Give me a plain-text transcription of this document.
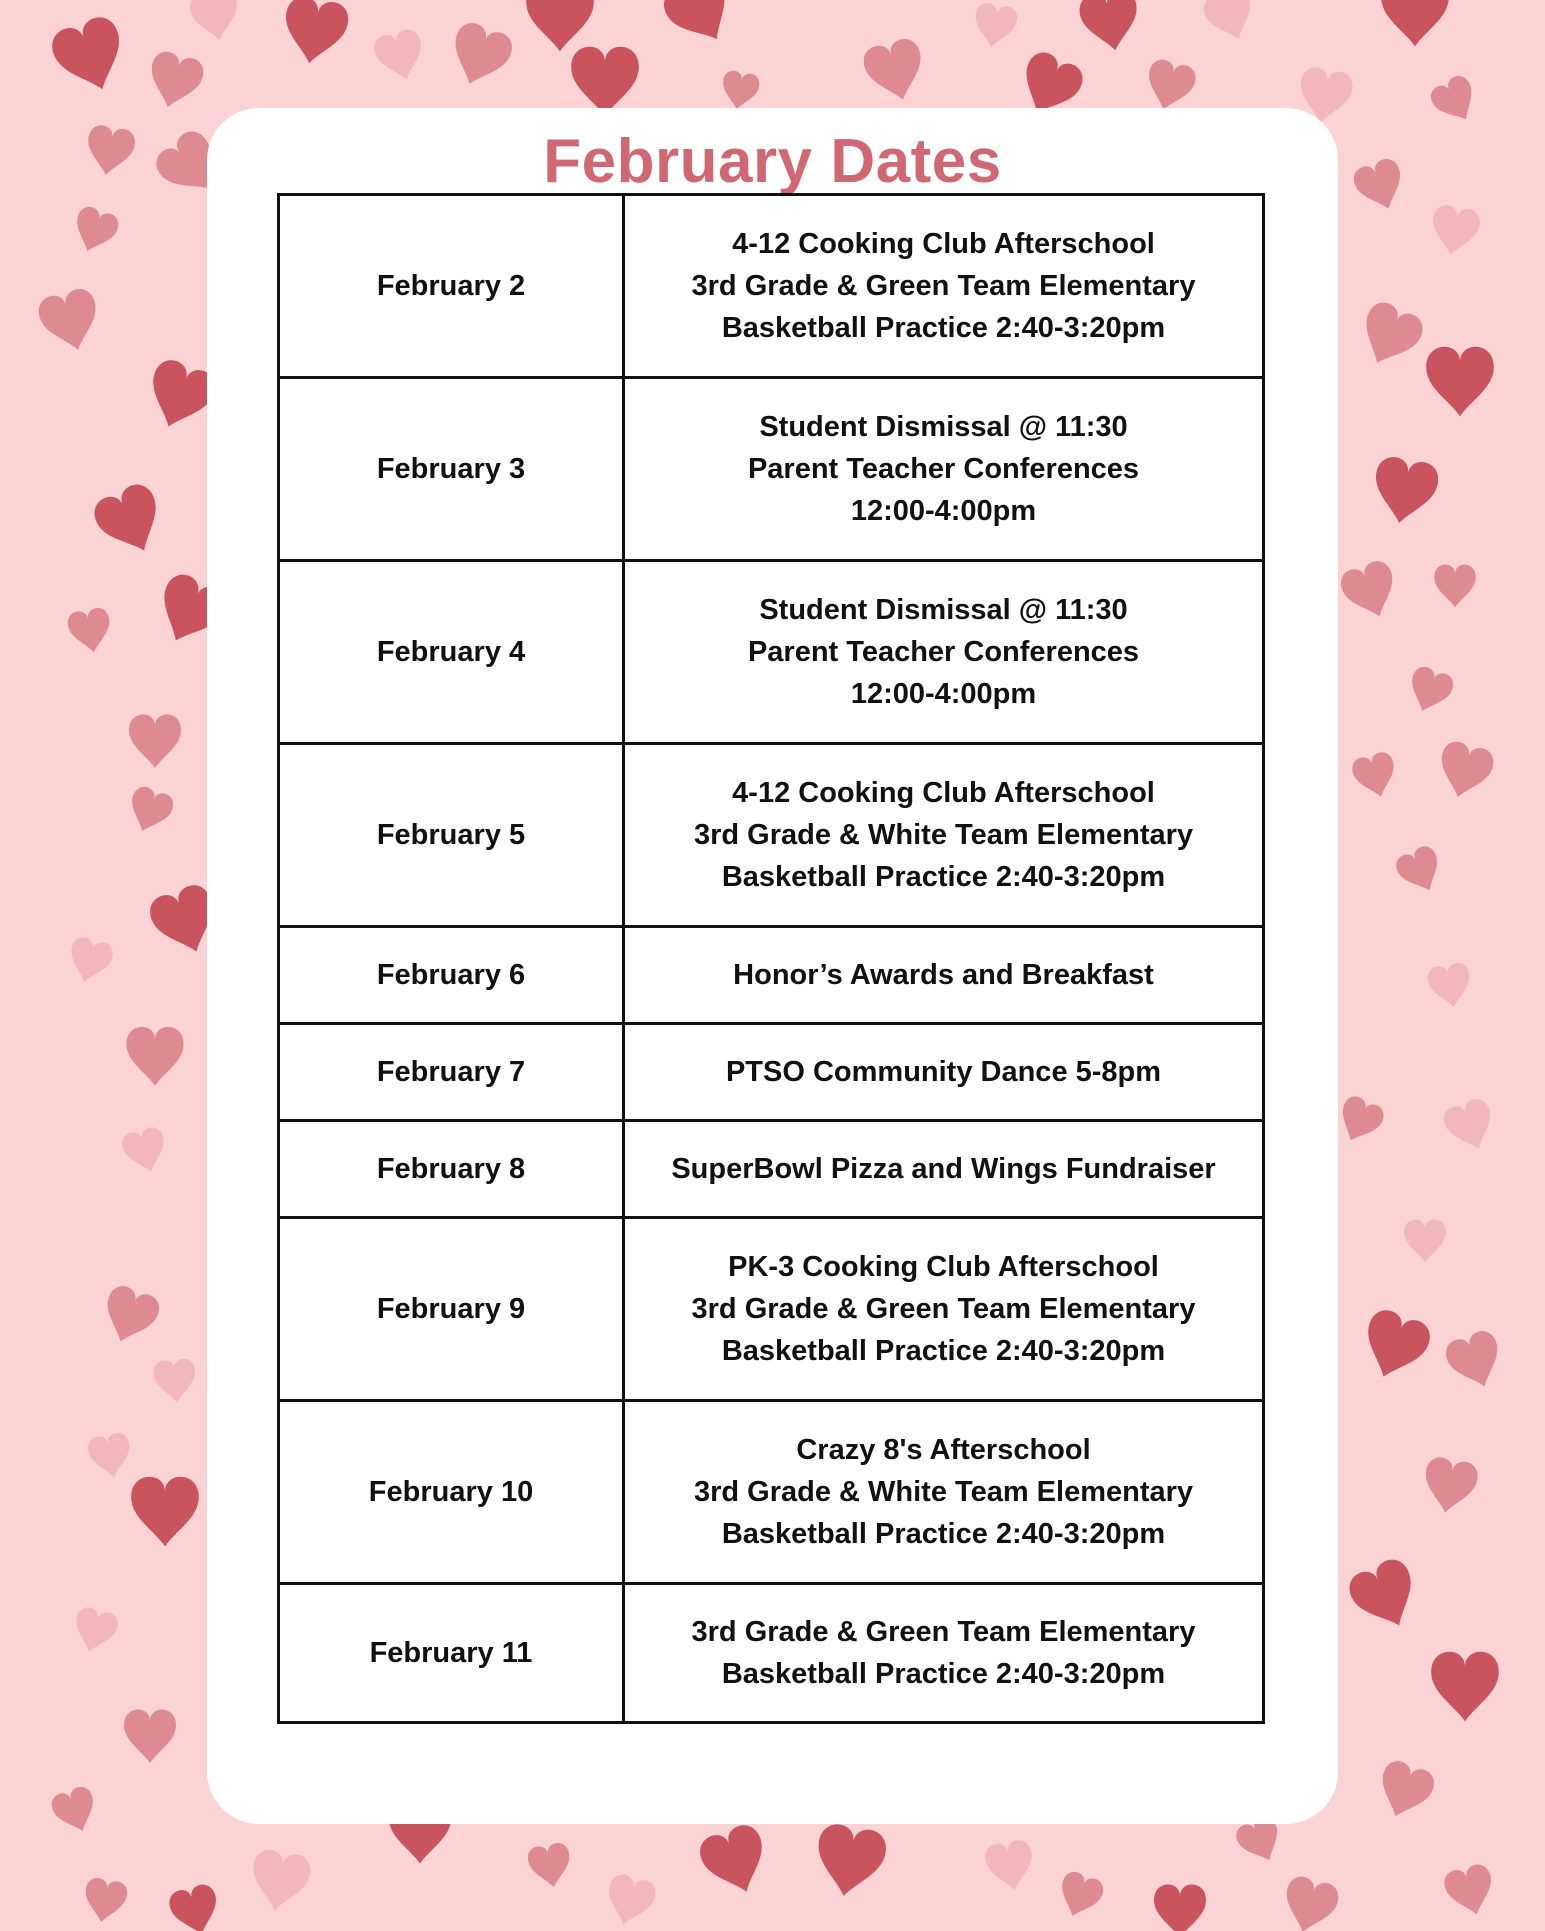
February Dates
February 2	4-12 Cooking Club Afterschool
3rd Grade & Green Team Elementary
Basketball Practice 2:40-3:20pm

February 3	Student Dismissal @ 11:30
Parent Teacher Conferences
12:00-4:00pm

February 4	Student Dismissal @ 11:30
Parent Teacher Conferences
12:00-4:00pm

February 5	4-12 Cooking Club Afterschool
3rd Grade & White Team Elementary
Basketball Practice 2:40-3:20pm

February 6	Honor’s Awards and Breakfast

February 7	PTSO Community Dance 5-8pm

February 8	SuperBowl Pizza and Wings Fundraiser

February 9	PK-3 Cooking Club Afterschool
3rd Grade & Green Team Elementary
Basketball Practice 2:40-3:20pm

February 10	Crazy 8's Afterschool
3rd Grade & White Team Elementary
Basketball Practice 2:40-3:20pm

February 11	3rd Grade & Green Team Elementary
Basketball Practice 2:40-3:20pm
